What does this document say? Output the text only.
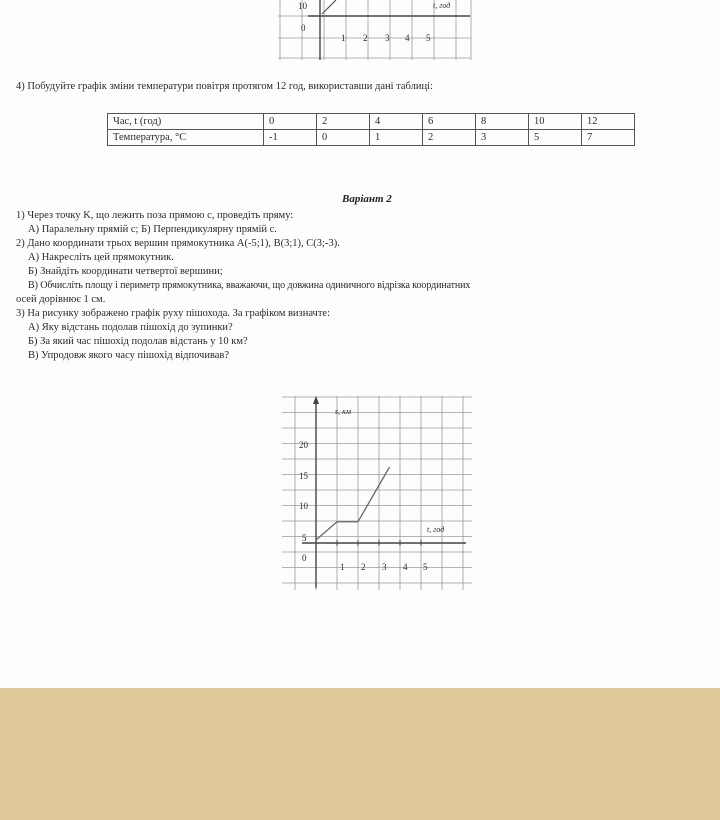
10
0
t, год
1 2 3 4 5
4) Побудуйте графік зміни температури повітря протягом 12 год, використавши дані таблиці:
Час, t (год)	0	2	4	6	8	10	12
Температура, °С	-1	0	1	2	3	5	7
Варіант 2
1) Через точку K, що лежить поза прямою с, проведіть пряму:
А) Паралельну прямій с; Б) Перпендикулярну прямій с.
2) Дано координати трьох вершин прямокутника A(-5;1), B(3;1), C(3;-3).
А) Накресліть цей прямокутник.
Б) Знайдіть координати четвертої вершини;
В) Обчисліть площу і периметр прямокутника, вважаючи, що довжина одиничного відрізка координатних
осей дорівнює 1 см.
3) На рисунку зображено графік руху пішохода. За графіком визначте:
А) Яку відстань подолав пішохід до зупинки?
Б) За який час пішохід подолав відстань у 10 км?
В) Упродовж якого часу пішохід відпочивав?
s, км
t, год
20
15
10
5
0
1 2 3 4 5
